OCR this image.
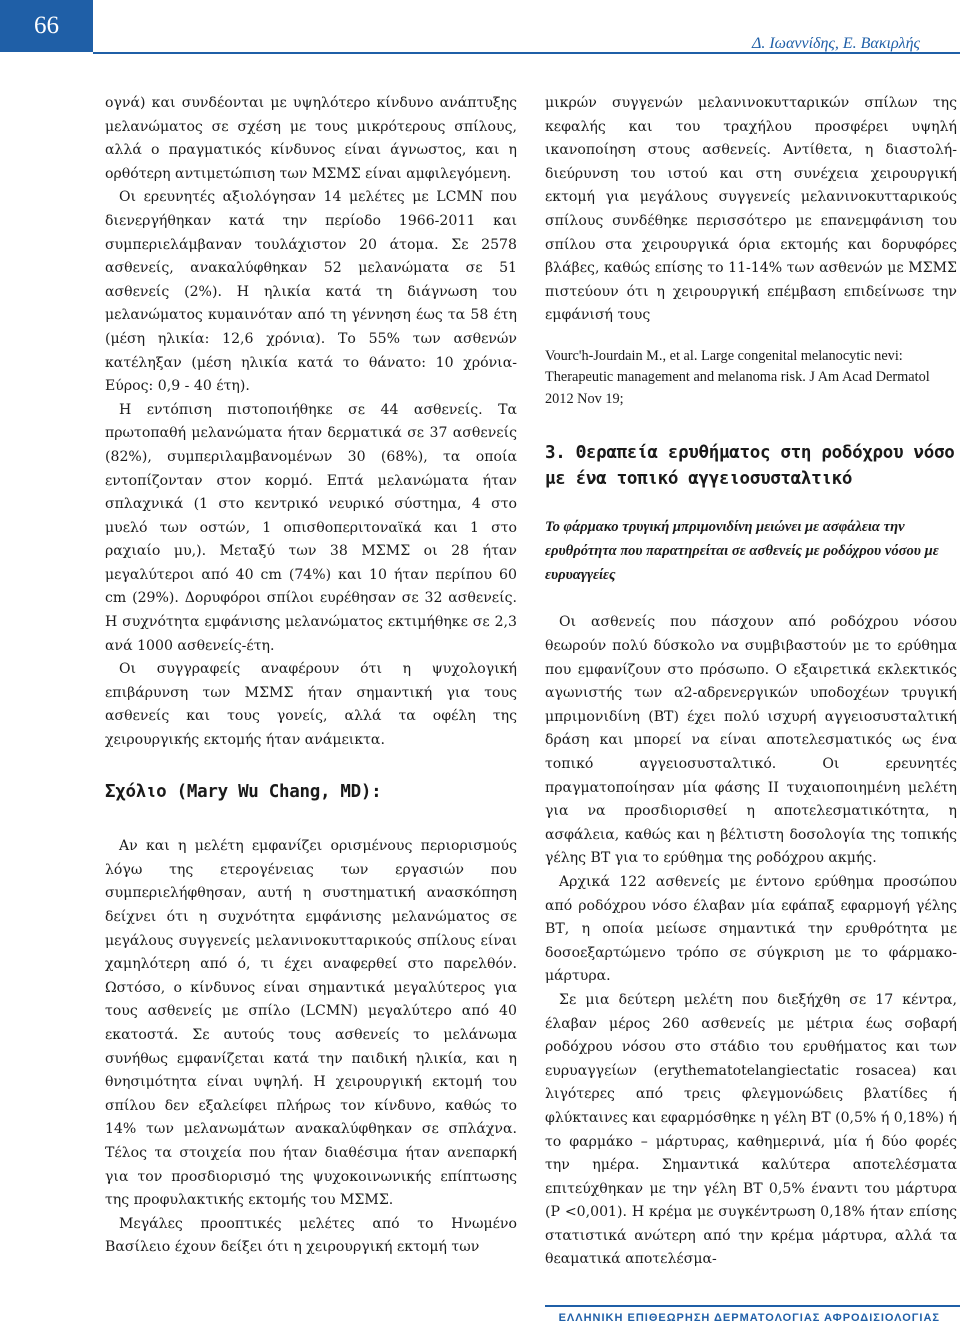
66
Δ. Ιωαννίδης, Ε. Βακιρλής

ογνά) και συνδέονται με υψηλότερο κίνδυνο ανάπτυξης μελανώματος σε σχέση με τους μικρότερους σπίλους, αλλά ο πραγματικός κίνδυνος είναι άγνωστος, και η ορθότερη αντιμετώπιση των ΜΣΜΣ είναι αμφιλεγόμενη.

Οι ερευνητές αξιολόγησαν 14 μελέτες με LCMN που διενεργήθηκαν κατά την περίοδο 1966-2011 και συμπεριελάμβαναν τουλάχιστον 20 άτομα. Σε 2578 ασθενείς, ανακαλύφθηκαν 52 μελανώματα σε 51 ασθενείς (2%). Η ηλικία κατά τη διάγνωση του μελανώματος κυμαινόταν από τη γέννηση έως τα 58 έτη (μέση ηλικία: 12,6 χρόνια). Το 55% των ασθενών κατέληξαν (μέση ηλικία κατά το θάνατο: 10 χρόνια-Εύρος: 0,9 - 40 έτη).

Η εντόπιση πιστοποιήθηκε σε 44 ασθενείς. Τα πρωτοπαθή μελανώματα ήταν δερματικά σε 37 ασθενείς (82%), συμπεριλαμβανομένων 30 (68%), τα οποία εντοπίζονταν στον κορμό. Επτά μελανώματα ήταν σπλαχνικά (1 στο κεντρικό νευρικό σύστημα, 4 στο μυελό των οστών, 1 οπισθοπεριτοναϊκά και 1 στο ραχιαίο μυ,). Μεταξύ των 38 ΜΣΜΣ οι 28 ήταν μεγαλύτεροι από 40 cm (74%) και 10 ήταν περίπου 60 cm (29%). Δορυφόροι σπίλοι ευρέθησαν σε 32 ασθενείς. Η συχνότητα εμφάνισης μελανώματος εκτιμήθηκε σε 2,3 ανά 1000 ασθενείς-έτη.

Οι συγγραφείς αναφέρουν ότι η ψυχολογική επιβάρυνση των ΜΣΜΣ ήταν σημαντική για τους ασθενείς και τους γονείς, αλλά τα οφέλη της χειρουργικής εκτομής ήταν ανάμεικτα.

Σχόλιο (Mary Wu Chang, MD):

Αν και η μελέτη εμφανίζει ορισμένους περιορισμούς λόγω της ετερογένειας των εργασιών που συμπεριελήφθησαν, αυτή η συστηματική ανασκόπηση δείχνει ότι η συχνότητα εμφάνισης μελανώματος σε μεγάλους συγγενείς μελανινοκυτταρικούς σπίλους είναι χαμηλότερη από ό, τι έχει αναφερθεί στο παρελθόν. Ωστόσο, ο κίνδυνος είναι σημαντικά μεγαλύτερος για τους ασθενείς με σπίλο (LCMN) μεγαλύτερο από 40 εκατοστά. Σε αυτούς τους ασθενείς το μελάνωμα συνήθως εμφανίζεται κατά την παιδική ηλικία, και η θνησιμότητα είναι υψηλή. Η χειρουργική εκτομή του σπίλου δεν εξαλείφει πλήρως τον κίνδυνο, καθώς το 14% των μελανωμάτων ανακαλύφθηκαν σε σπλάχνα. Τέλος τα στοιχεία που ήταν διαθέσιμα ήταν ανεπαρκή για τον προσδιορισμό της ψυχοκοινωνικής επίπτωσης της προφυλακτικής εκτομής του ΜΣΜΣ.

Μεγάλες προοπτικές μελέτες από το Ηνωμένο Βασίλειο έχουν δείξει ότι η χειρουργική εκτομή των

μικρών συγγενών μελανινοκυτταρικών σπίλων της κεφαλής και του τραχήλου προσφέρει υψηλή ικανοποίηση στους ασθενείς. Αντίθετα, η διαστολή-διεύρυνση του ιστού και στη συνέχεια χειρουργική εκτομή για μεγάλους συγγενείς μελανινοκυτταρικούς σπίλους συνδέθηκε περισσότερο με επανεμφάνιση του σπίλου στα χειρουργικά όρια εκτομής και δορυφόρες βλάβες, καθώς επίσης το 11-14% των ασθενών με ΜΣΜΣ πιστεύουν ότι η χειρουργική επέμβαση επιδείνωσε την εμφάνισή τους

Vourc'h-Jourdain M., et al. Large congenital melanocytic nevi: Therapeutic management and melanoma risk. J Am Acad Dermatol 2012 Nov 19;

3. Θεραπεία ερυθήματος στη ροδόχρου νόσο με ένα τοπικό αγγειοσυσταλτικό

Το φάρμακο τρυγική μπριμονιδίνη μειώνει με ασφάλεια την ερυθρότητα που παρατηρείται σε ασθενείς με ροδόχρου νόσου με ευρυαγγείες

Οι ασθενείς που πάσχουν από ροδόχρου νόσου θεωρούν πολύ δύσκολο να συμβιβαστούν με το ερύθημα που εμφανίζουν στο πρόσωπο. Ο εξαιρετικά εκλεκτικός αγωνιστής των α2-αδρενεργικών υποδοχέων τρυγική μπριμονιδίνη (ΒΤ) έχει πολύ ισχυρή αγγειοσυσταλτική δράση και μπορεί να είναι αποτελεσματικός ως ένα τοπικό αγγειοσυσταλτικό. Οι ερευνητές πραγματοποίησαν μία φάσης ΙΙ τυχαιοποιημένη μελέτη για να προσδιορισθεί η αποτελεσματικότητα, η ασφάλεια, καθώς και η βέλτιστη δοσολογία της τοπικής γέλης ΒΤ για το ερύθημα της ροδόχρου ακμής.

Αρχικά 122 ασθενείς με έντονο ερύθημα προσώπου από ροδόχρου νόσο έλαβαν μία εφάπαξ εφαρμογή γέλης ΒΤ, η οποία μείωσε σημαντικά την ερυθρότητα με δοσοεξαρτώμενο τρόπο σε σύγκριση με το φάρμακο-μάρτυρα.

Σε μια δεύτερη μελέτη που διεξήχθη σε 17 κέντρα, έλαβαν μέρος 260 ασθενείς με μέτρια έως σοβαρή ροδόχρου νόσου στο στάδιο του ερυθήματος και των ευρυαγγείων (erythematotelangiectatic rosacea) και λιγότερες από τρεις φλεγμονώδεις βλατίδες ή φλύκταινες και εφαρμόσθηκε η γέλη ΒΤ (0,5% ή 0,18%) ή το φαρμάκο – μάρτυρας, καθημερινά, μία ή δύο φορές την ημέρα. Σημαντικά καλύτερα αποτελέσματα επιτεύχθηκαν με την γέλη ΒΤ 0,5% έναντι του μάρτυρα (P <0,001). Η κρέμα με συγκέντρωση 0,18% ήταν επίσης στατιστικά ανώτερη από την κρέμα μάρτυρα, αλλά τα θεαματικά αποτελέσμα-

ΕΛΛΗΝΙΚΗ ΕΠΙΘΕΩΡΗΣΗ ΔΕΡΜΑΤΟΛΟΓΙΑΣ ΑΦΡΟΔΙΣΙΟΛΟΓΙΑΣ
